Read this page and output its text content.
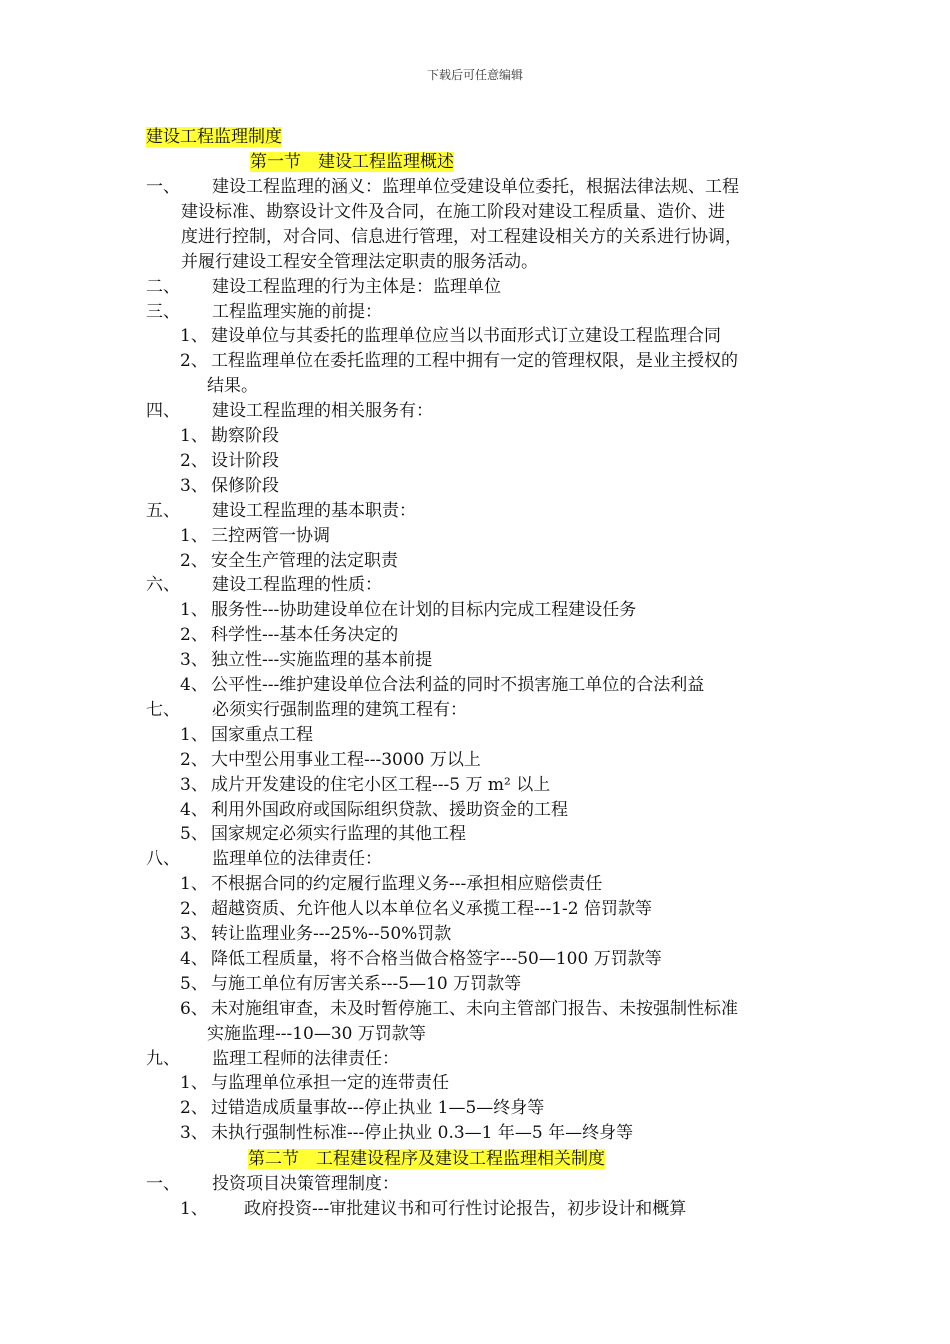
下载后可任意编辑
建设工程监理制度
第一节　建设工程监理概述
一、 建设工程监理的涵义：监理单位受建设单位委托，根据法律法规、工程
建设标准、勘察设计文件及合同，在施工阶段对建设工程质量、造价、进
度进行控制，对合同、信息进行管理，对工程建设相关方的关系进行协调，
并履行建设工程安全管理法定职责的服务活动。
二、 建设工程监理的行为主体是：监理单位
三、 工程监理实施的前提：
1、 建设单位与其委托的监理单位应当以书面形式订立建设工程监理合同
2、 工程监理单位在委托监理的工程中拥有一定的管理权限，是业主授权的
结果。
四、 建设工程监理的相关服务有：
1、 勘察阶段
2、 设计阶段
3、 保修阶段
五、 建设工程监理的基本职责：
1、 三控两管一协调
2、 安全生产管理的法定职责
六、 建设工程监理的性质：
1、 服务性---协助建设单位在计划的目标内完成工程建设任务
2、 科学性---基本任务决定的
3、 独立性---实施监理的基本前提
4、 公平性---维护建设单位合法利益的同时不损害施工单位的合法利益
七、 必须实行强制监理的建筑工程有：
1、 国家重点工程
2、 大中型公用事业工程---3000 万以上
3、 成片开发建设的住宅小区工程---5 万 m² 以上
4、 利用外国政府或国际组织贷款、援助资金的工程
5、 国家规定必须实行监理的其他工程
八、 监理单位的法律责任：
1、 不根据合同的约定履行监理义务---承担相应赔偿责任
2、 超越资质、允许他人以本单位名义承揽工程---1-2 倍罚款等
3、 转让监理业务---25%--50%罚款
4、 降低工程质量，将不合格当做合格签字---50—100 万罚款等
5、 与施工单位有厉害关系---5—10 万罚款等
6、 未对施组审查，未及时暂停施工、未向主管部门报告、未按强制性标准
实施监理---10—30 万罚款等
九、 监理工程师的法律责任：
1、 与监理单位承担一定的连带责任
2、 过错造成质量事故---停止执业 1—5—终身等
3、 未执行强制性标准---停止执业 0.3—1 年—5 年—终身等
第二节　工程建设程序及建设工程监理相关制度
一、 投资项目决策管理制度：
1、 政府投资---审批建议书和可行性讨论报告，初步设计和概算
